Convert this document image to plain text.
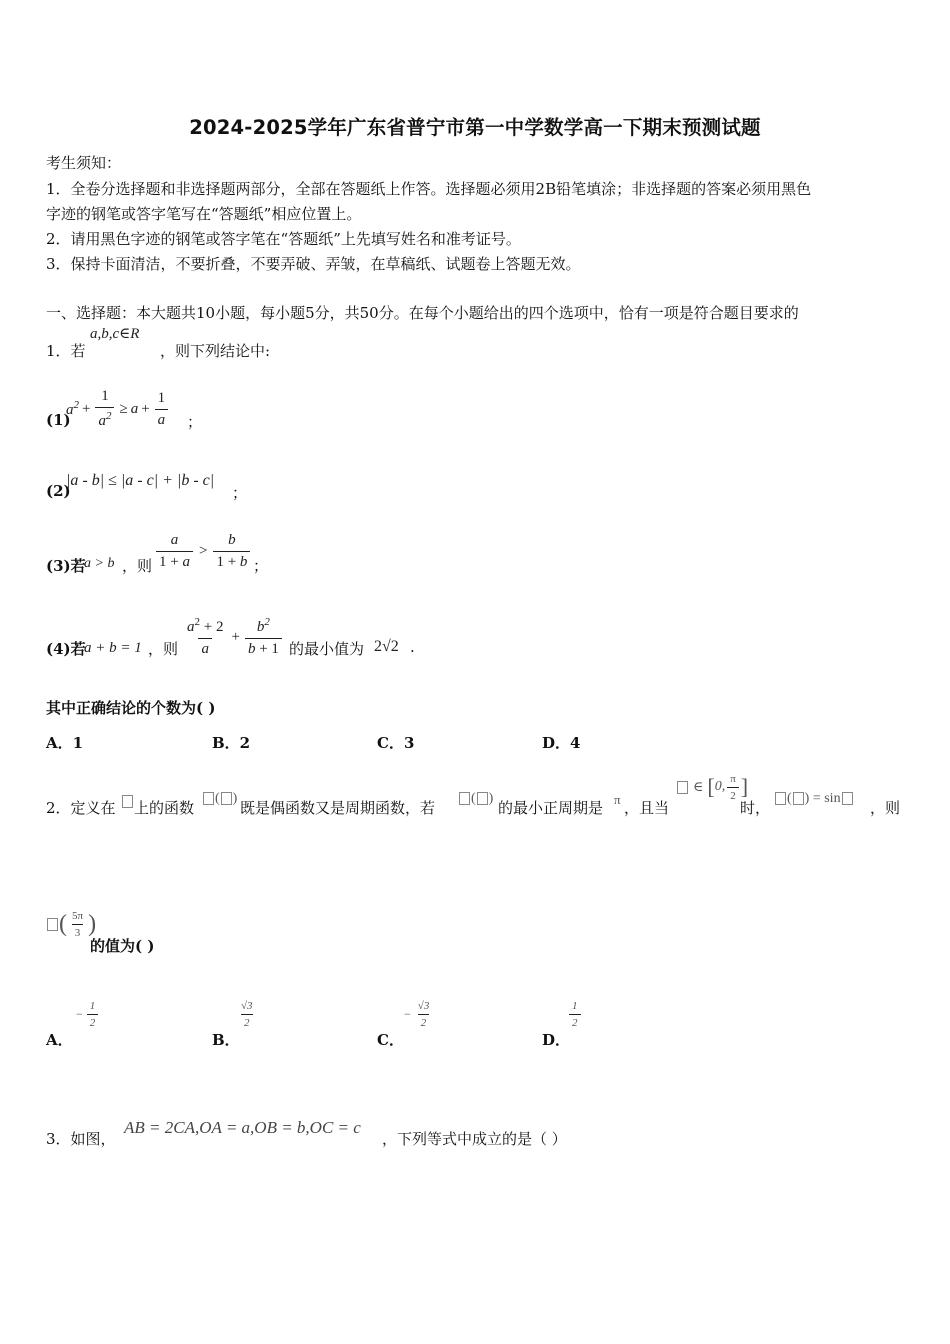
2024-2025学年广东省普宁市第一中学数学高一下期末预测试题
考生须知：
1．全卷分选择题和非选择题两部分，全部在答题纸上作答。选择题必须用2B铅笔填涂；非选择题的答案必须用黑色
字迹的钢笔或答字笔写在“答题纸”相应位置上。
2．请用黑色字迹的钢笔或答字笔在“答题纸”上先填写姓名和准考证号。
3．保持卡面清洁，不要折叠，不要弄破、弄皱，在草稿纸、试题卷上答题无效。
一、选择题：本大题共10小题，每小题5分，共50分。在每个小题给出的四个选项中，恰有一项是符合题目要求的
1．若
a,b,c∈R
，则下列结论中:
(1)
$a^2 + \frac{1}{a^2} \ge a + \frac{1}{a}$ ；
(2)
|a - b| ≤ |a - c| + |b - c|
；
(3)若
a > b ，则 $\frac{a}{1 + a} > \frac{b}{1 + b}$ ；
(4)若
a + b = 1 ，则 $\frac{a^2 + 2}{a} + \frac{b^2}{b + 1}$ 的最小值为 2√2 .
其中正确结论的个数为( )
A．1	B．2	C．3	D．4
2．定义在 上的函数
( )
既是偶函数又是周期函数，若
( )
的最小正周期是 π ，且当
∈ [ 0, $\frac{\pi}{2}$ ]
时，
( ) = sin
，则
( $\frac{5\pi}{3}$ )
的值为( )
A．
− $\frac{1}{2}$
B．
$\frac{√3}{2}$
C．
− $\frac{√3}{2}$
D．
$\frac{1}{2}$
3．如图，
AB = 2CA,OA = a,OB = b,OC = c
，下列等式中成立的是（ ）
